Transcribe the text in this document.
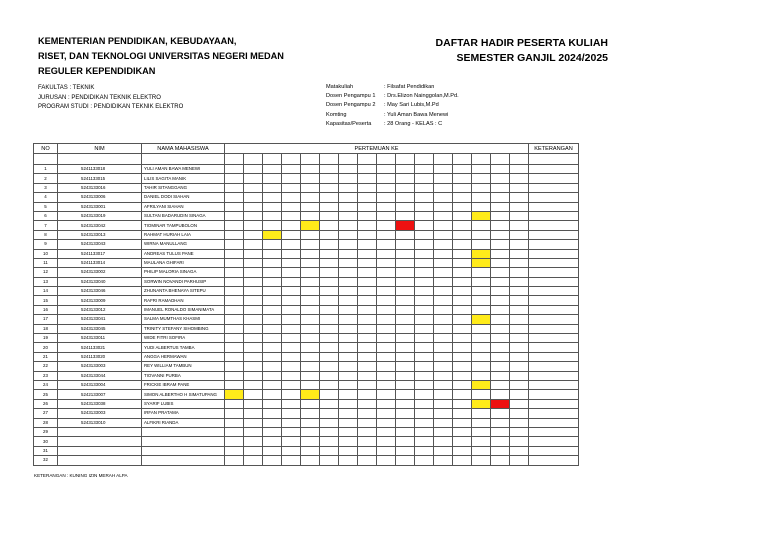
KEMENTERIAN PENDIDIKAN, KEBUDAYAAN,
RISET, DAN TEKNOLOGI UNIVERSITAS NEGERI MEDAN
REGULER KEPENDIDIKAN
DAFTAR HADIR PESERTA KULIAH
SEMESTER GANJIL 2024/2025
FAKULTAS : TEKNIK
JURUSAN : PENDIDIKAN TEKNIK ELEKTRO
PROGRAM STUDI : PENDIDIKAN TEKNIK ELEKTRO
Matakuliah	: Filsafat Pendidikan
Dosen Pengampu 1	: Drs.Elizon Nainggolan,M.Pd.
Dosen Pengampu 2	: May Sari Lubis,M.Pd
Komting	: Yuli Aman Bawa Menewi
Kapasitas/Peserta	: 28 Orang - KELAS : C
NO	NIM	NAMA MAHASISWA	PERTEMUAN KE																KETERANGAN

1	5241133018	YULI AMAN BAWA MENEWI																	
2	5241133015	LILIS SAGITA MANIK																	
3	5243133016	TAHIR SITANGGANG																	
4	5243133006	DANIEL DODI SIAHAN																	
5	5243133001	AFRILYANI SIAHAN																	
6	5243133019	SULTAN BADARUDIN SINAGA																	
7	5243133042	TIOMINAR TAMPUBOLON																	
8	5243133013	RAHMAT HURIAH LAIA																	
9	5243133043	WIRNA MANULLANG																	
10	5241133017	ANDREAS TULUS PANE																	
11	5241133014	MAULANA GHIFARI																	
12	5243133002	PHILIP MALORIA SINAGA																	
13	5243133040	SORWIN NOVANDI PARHUSIP																	
14	5243133046	ZHUNANTA BHENAYA SITEPU																	
15	5243133009	RAFRI RAMADHAN																	
16	5243133012	IMANUEL RONALDO SIMANIMATA																	
17	5243133041	SALMA MUMTHAS KHASMI																	
18	5243133045	TRINITY STEFANY SIHOMBING																	
19	5243133011	WIDE FITRI SOFIRA																	
20	5241133021	YUDI ALBERTUS TAMBA																	
21	5241133020	ANGGA HERMAWAN																	
22	5243133003	REY WILLIAM TAMBUN																	
23	5243133044	TIOVANNI PURBA																	
24	5243133004	FRICKIE IBRAM PANE																	
25	5242133007	SIMON ALBERTHO H SIMATUPANG																	
26	5243133038	SYARIF LUBIS																	
27	5243133003	IRFAN PRATAMA																	
28	5243133010	ALFIKRI RIANDA																	
29																			
30																			
31																			
32																			
KETERANGAN : KUNING IZIN MERAH ALPA
